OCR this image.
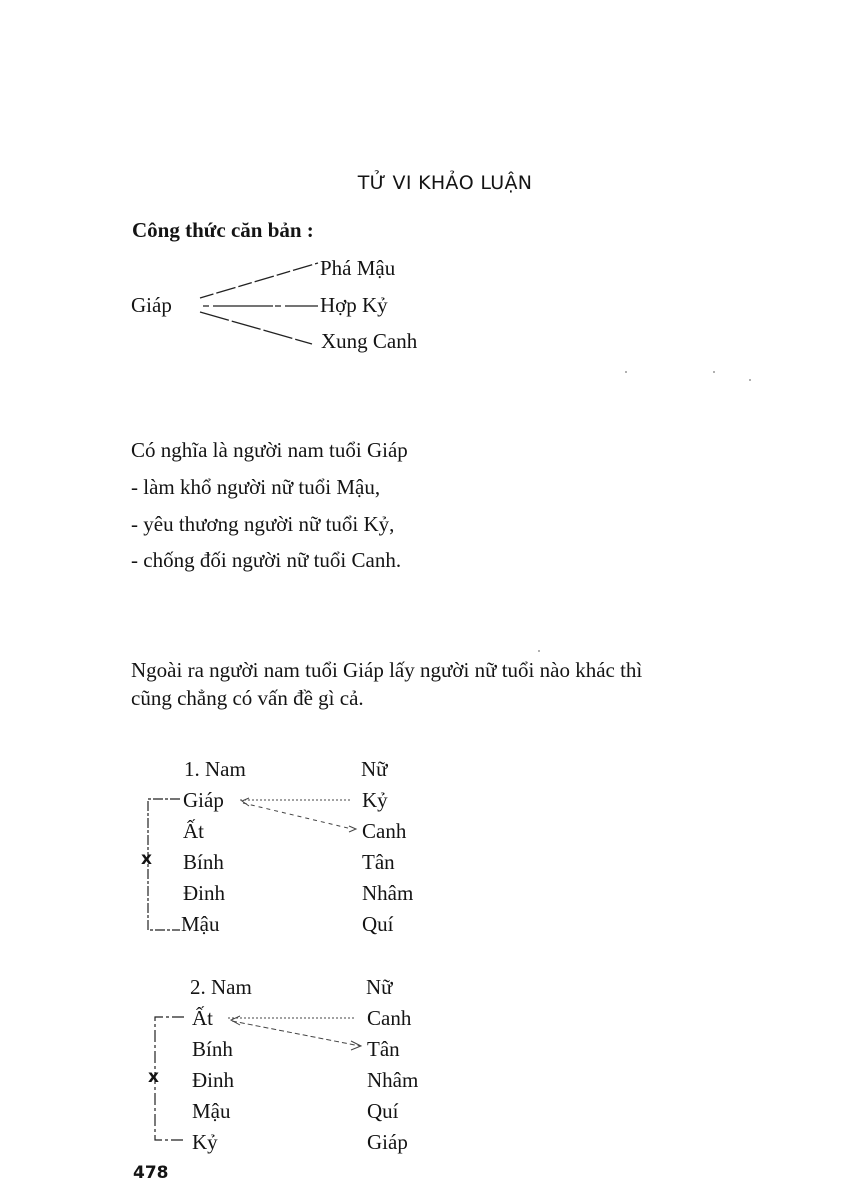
TỬ VI KHẢO LUẬN
Công thức căn bản :
Giáp
Phá Mậu
Hợp Kỷ
Xung Canh
Có nghĩa là người nam tuổi Giáp
- làm khổ người nữ tuổi Mậu,
- yêu thương người nữ tuổi Kỷ,
- chống đối người nữ tuổi Canh.
Ngoài ra người nam tuổi Giáp lấy người nữ tuổi nào khác thì
cũng chẳng có vấn đề gì cả.
1. Nam	Nữ
Giáp
Ất
Bính
Đinh
Mậu
Kỷ
Canh
Tân
Nhâm
Quí
2. Nam	Nữ
Ất
Bính
Đinh
Mậu
Kỷ
Canh
Tân
Nhâm
Quí
Giáp
x
x
478
